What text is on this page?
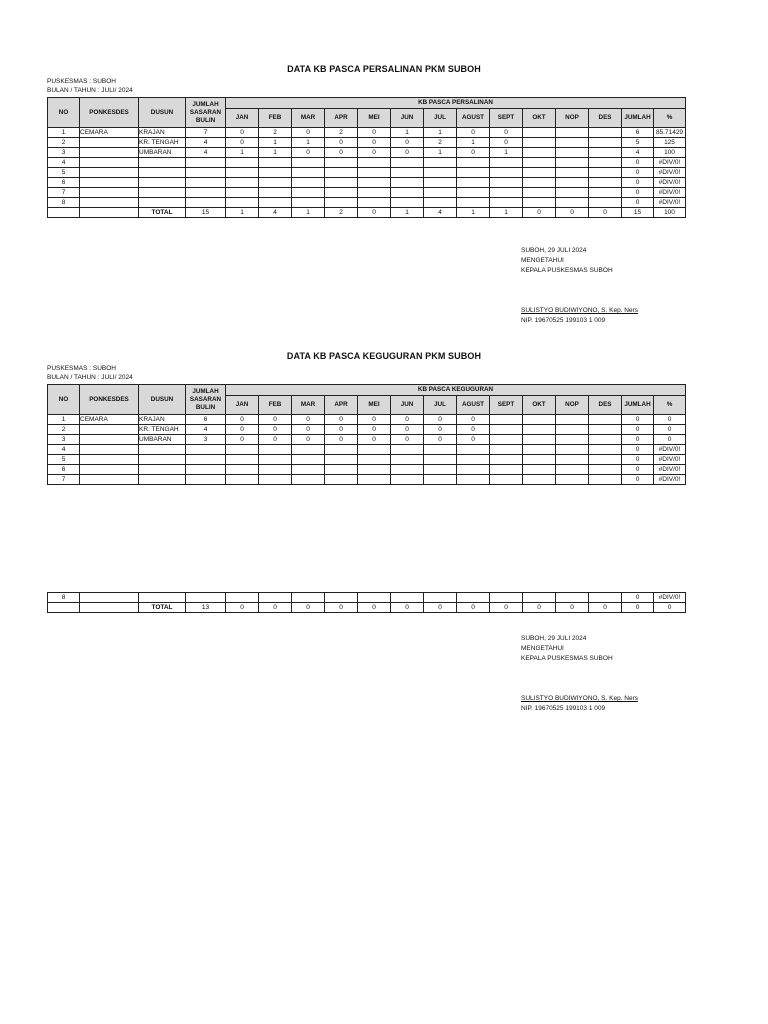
DATA KB PASCA PERSALINAN PKM SUBOH
PUSKESMAS : SUBOH
BULAN / TAHUN : JULI/ 2024
NO	PONKESDES	DUSUN	JUMLAH SASARAN BULIN	KB PASCA PERSALINAN													
				JAN	FEB	MAR	APR	MEI	JUN	JUL	AGUST	SEPT	OKT	NOP	DES	JUMLAH	%
1	CEMARA	KRAJAN	7	0	2	0	2	0	1	1	0	0				6	85.71429
2		KR. TENGAH	4	0	1	1	0	0	0	2	1	0				5	125
3		UMBARAN	4	1	1	0	0	0	0	1	0	1				4	100
4																0	#DIV/0!
5																0	#DIV/0!
6																0	#DIV/0!
7																0	#DIV/0!
8																0	#DIV/0!
		TOTAL	15	1	4	1	2	0	1	4	1	1	0	0	0	15	100
SUBOH, 29 JULI 2024
MENGETAHUI
KEPALA PUSKESMAS SUBOH
SULISTYO BUDIWIYONO, S. Kep. Ners
NIP. 19670525 199103 1 009
DATA KB PASCA KEGUGURAN PKM SUBOH
PUSKESMAS : SUBOH
BULAN / TAHUN : JULI/ 2024
NO	PONKESDES	DUSUN	JUMLAH SASARAN BULIN	KB PASCA KEGUGURAN													
				JAN	FEB	MAR	APR	MEI	JUN	JUL	AGUST	SEPT	OKT	NOP	DES	JUMLAH	%
1	CEMARA	KRAJAN	6	0	0	0	0	0	0	0	0					0	0
2		KR. TENGAH	4	0	0	0	0	0	0	0	0					0	0
3		UMBARAN	3	0	0	0	0	0	0	0	0					0	0
4																0	#DIV/0!
5																0	#DIV/0!
6																0	#DIV/0!
7																0	#DIV/0!
8																0	#DIV/0!
		TOTAL	13	0	0	0	0	0	0	0	0	0	0	0	0	0	0
SUBOH, 29 JULI 2024
MENGETAHUI
KEPALA PUSKESMAS SUBOH
SULISTYO BUDIWIYONO, S. Kep. Ners
NIP. 19670525 199103 1 009
